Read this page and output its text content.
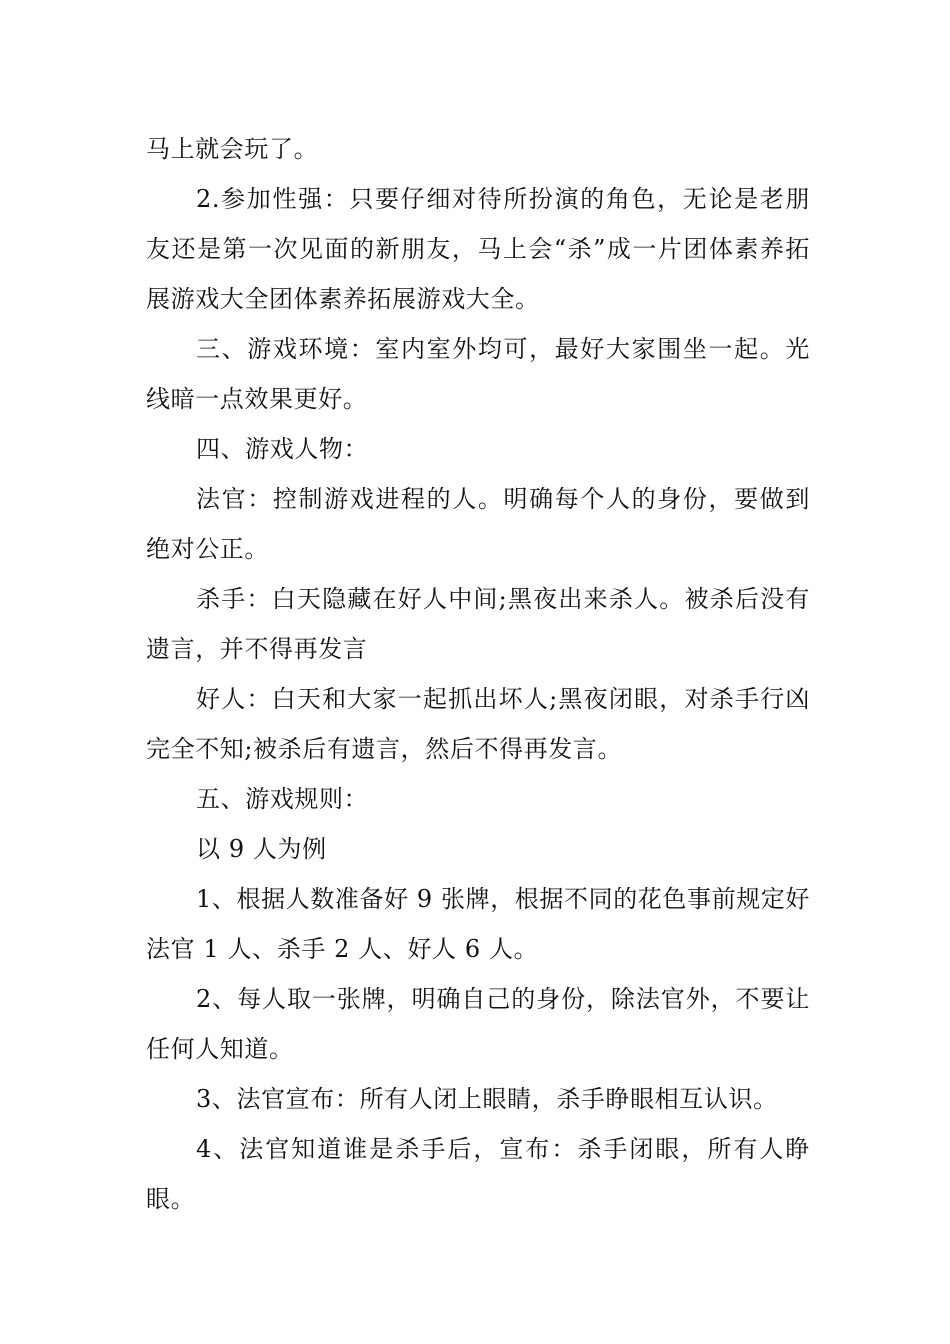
马上就会玩了。

2.参加性强：只要仔细对待所扮演的角色，无论是老朋友还是第一次见面的新朋友，马上会“杀”成一片团体素养拓展游戏大全团体素养拓展游戏大全。

三、游戏环境：室内室外均可，最好大家围坐一起。光线暗一点效果更好。

四、游戏人物：

法官：控制游戏进程的人。明确每个人的身份，要做到绝对公正。

杀手：白天隐藏在好人中间;黑夜出来杀人。被杀后没有遗言，并不得再发言

好人：白天和大家一起抓出坏人;黑夜闭眼，对杀手行凶完全不知;被杀后有遗言，然后不得再发言。

五、游戏规则：

以 9 人为例

1、根据人数准备好 9 张牌，根据不同的花色事前规定好法官 1 人、杀手 2 人、好人 6 人。

2、每人取一张牌，明确自己的身份，除法官外，不要让任何人知道。

3、法官宣布：所有人闭上眼睛，杀手睁眼相互认识。

4、法官知道谁是杀手后，宣布：杀手闭眼，所有人睁眼。
